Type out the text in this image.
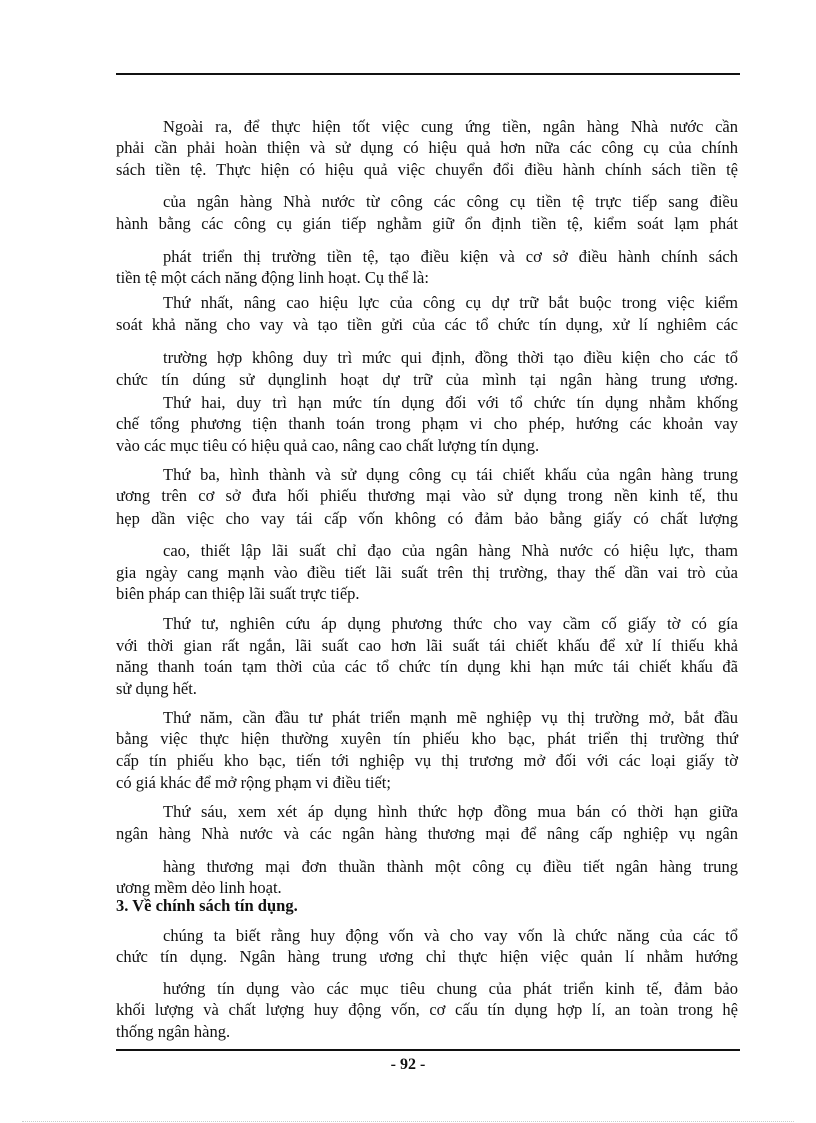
Ngoài ra, để thực hiện tốt việc cung ứng tiền, ngân hàng Nhà nước cần
phải cần phải hoàn thiện và sử dụng có hiệu quả hơn nữa các công cụ của chính
sách tiền tệ. Thực hiện có hiệu quả việc chuyển đổi điều hành chính sách tiền tệ
của ngân hàng Nhà nước từ công các công cụ tiền tệ trực tiếp sang điều
hành bằng các công cụ gián tiếp nghằm giữ ổn định tiền tệ, kiểm soát lạm phát
phát triển thị trường tiền tệ, tạo điều kiện và cơ sở điều hành chính sách
tiền tệ một cách năng động linh hoạt. Cụ thể là:
Thứ nhất, nâng cao hiệu lực của công cụ dự trữ bắt buộc trong việc kiểm
soát khả năng cho vay và tạo tiền gửi của các tổ chức tín dụng, xử lí nghiêm các
trường hợp không duy trì mức qui định, đồng thời tạo điều kiện cho các tổ
chức tín dúng sử dụnglinh hoạt dự trữ của mình tại ngân hàng trung ương.
Thứ hai, duy trì hạn mức tín dụng đối với tổ chức tín dụng nhằm khống
chế tổng phương tiện thanh toán trong phạm vi cho phép, hướng các khoản vay
vào các mục tiêu có hiệu quả cao, nâng cao chất lượng tín dụng.
Thứ ba, hình thành và sử dụng công cụ tái chiết khấu của ngân hàng trung
ương trên cơ sở đưa hối phiếu thương mại vào sử dụng trong nền kinh tế, thu
hẹp dần việc cho vay tái cấp vốn không có đảm bảo bằng giấy có chất lượng
cao, thiết lập lãi suất chỉ đạo của ngân hàng Nhà nước có hiệu lực, tham
gia ngày cang mạnh vào điều tiết lãi suất trên thị trường, thay thế dần vai trò của
biên pháp can thiệp lãi suất trực tiếp.
Thứ tư, nghiên cứu áp dụng phương thức cho vay cầm cố giấy tờ có gía
với thời gian rất ngắn, lãi suất cao hơn lãi suất tái chiết khấu để xử lí thiếu khả
năng thanh toán tạm thời của các tổ chức tín dụng khi hạn mức tái chiết khấu đã
sử dụng hết.
Thứ năm, cần đầu tư phát triển mạnh mẽ nghiệp vụ thị trường mở, bắt đầu
bằng việc thực hiện thường xuyên tín phiếu kho bạc, phát triển thị trường thứ
cấp tín phiếu kho bạc, tiến tới nghiệp vụ thị trương mở đối với các loại giấy tờ
có giá khác để mở rộng phạm vi điều tiết;
Thứ sáu, xem xét áp dụng hình thức hợp đồng mua bán có thời hạn giữa
ngân hàng Nhà nước và các ngân hàng thương mại để nâng cấp nghiệp vụ ngân
hàng thương mại đơn thuần thành một công cụ điều tiết ngân hàng trung
ương mềm dẻo linh hoạt.
3. Về chính sách tín dụng.
chúng ta biết rằng huy động vốn và cho vay vốn là chức năng của các tổ
chức tín dụng. Ngân hàng trung ương chỉ thực hiện việc quản lí nhằm hướng
hướng tín dụng vào các mục tiêu chung của phát triển kinh tế, đảm bảo
khối lượng và chất lượng huy động vốn, cơ cấu tín dụng hợp lí, an toàn trong hệ
thống ngân hàng.
- 92 -
